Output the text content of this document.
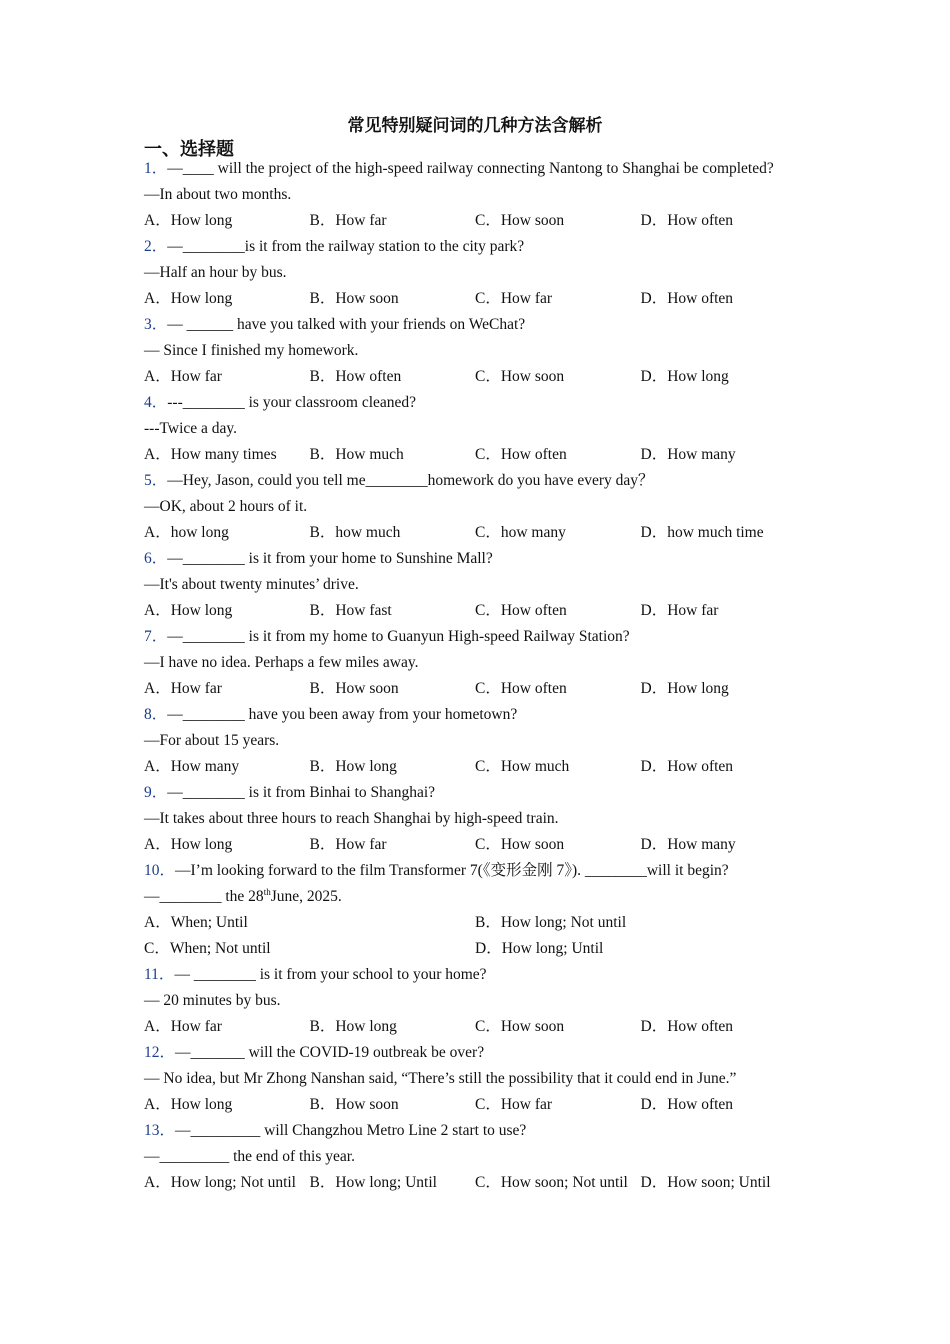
常见特别疑问词的几种方法含解析
一、选择题
1．—____ will the project of the high-speed railway connecting Nantong to Shanghai be completed?
—In about two months.
A．How long	B．How far	C．How soon	D．How often
2．—________is it from the railway station to the city park?
—Half an hour by bus.
A．How long	B．How soon	C．How far	D．How often
3．— ______ have you talked with your friends on WeChat?
— Since I finished my homework.
A．How far	B．How often	C．How soon	D．How long
4．---________ is your classroom cleaned?
---Twice a day.
A．How many times	B．How much	C．How often	D．How many
5．—Hey, Jason, could you tell me________homework do you have every day？
—OK, about 2 hours of it.
A．how long	B．how much	C．how many	D．how much time
6．—________ is it from your home to Sunshine Mall?
—It's about twenty minutes’ drive.
A．How long	B．How fast	C．How often	D．How far
7．—________ is it from my home to Guanyun High-speed Railway Station?
—I have no idea. Perhaps a few miles away.
A．How far	B．How soon	C．How often	D．How long
8．—________ have you been away from your hometown?
—For about 15 years.
A．How many	B．How long	C．How much	D．How often
9．—________ is it from Binhai to Shanghai?
—It takes about three hours to reach Shanghai by high-speed train.
A．How long	B．How far	C．How soon	D．How many
10．—I’m looking forward to the film Transformer 7(《变形金刚 7》). ________will it begin?
—________ the 28thJune, 2025.
A．When; Until	B．How long; Not until
C．When; Not until	D．How long; Until
11．— ________ is it from your school to your home?
— 20 minutes by bus.
A．How far	B．How long	C．How soon	D．How often
12．—_______ will the COVID-19 outbreak be over?
— No idea, but Mr Zhong Nanshan said, “There’s still the possibility that it could end in June.”
A．How long	B．How soon	C．How far	D．How often
13．—_________ will Changzhou Metro Line 2 start to use?
—_________ the end of this year.
A．How long; Not until B．How long; Until	C．How soon; Not until D．How soon; Until
